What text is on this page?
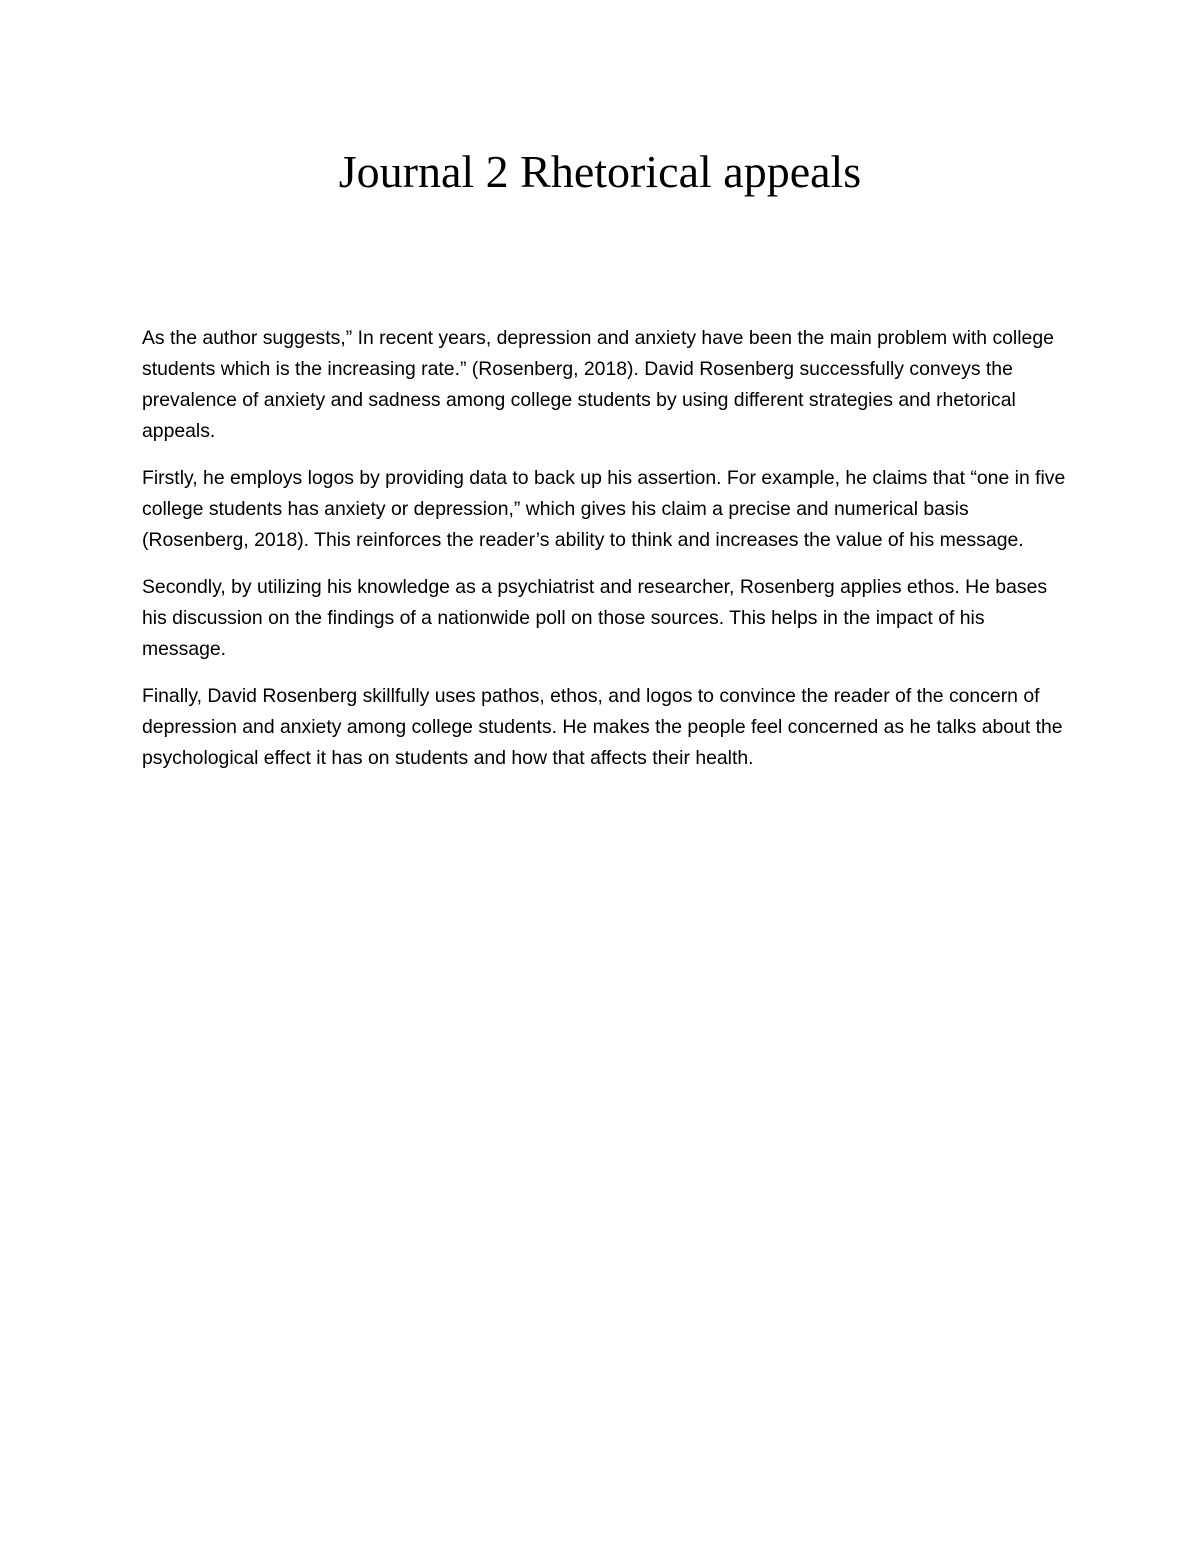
Journal 2 Rhetorical appeals

As the author suggests,” In recent years, depression and anxiety have been the main problem with college students which is the increasing rate.” (Rosenberg, 2018). David Rosenberg successfully conveys the prevalence of anxiety and sadness among college students by using different strategies and rhetorical appeals.

Firstly, he employs logos by providing data to back up his assertion. For example, he claims that “one in five college students has anxiety or depression,” which gives his claim a precise and numerical basis (Rosenberg, 2018). This reinforces the reader’s ability to think and increases the value of his message.

Secondly, by utilizing his knowledge as a psychiatrist and researcher, Rosenberg applies ethos. He bases his discussion on the findings of a nationwide poll on those sources. This helps in the impact of his message.

Finally, David Rosenberg skillfully uses pathos, ethos, and logos to convince the reader of the concern of depression and anxiety among college students. He makes the people feel concerned as he talks about the psychological effect it has on students and how that affects their health.
